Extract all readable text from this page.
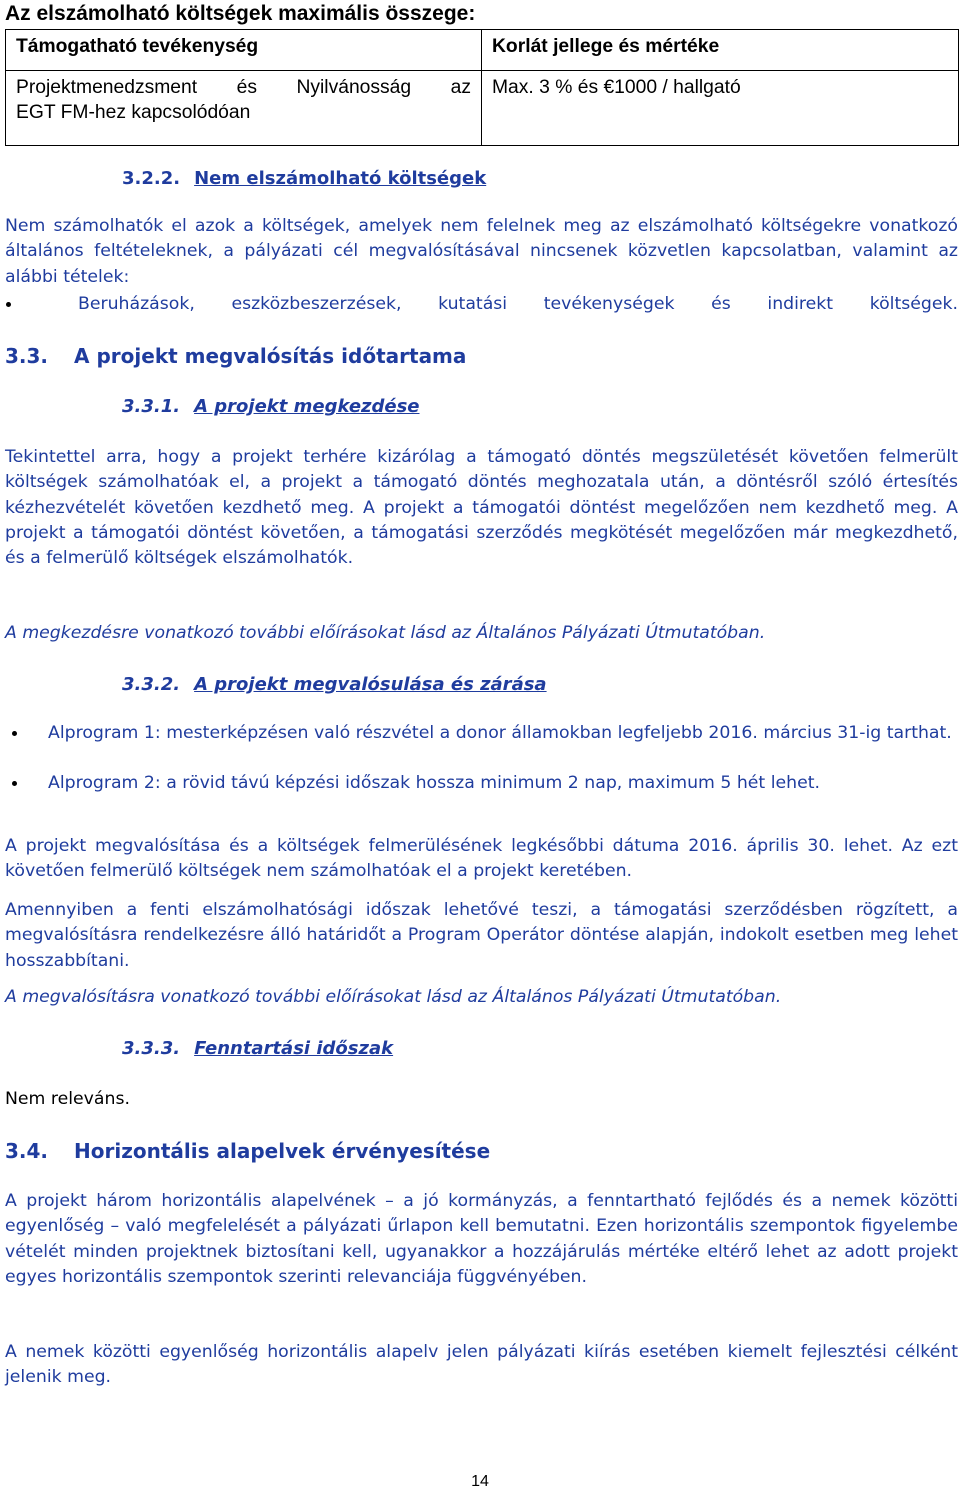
Az elszámolható költségek maximális összege:
Támogatható tevékenység	Korlát jellege és mértéke

Projektmenedzsment és Nyilvánosság az
EGT FM-hez kapcsolódóan	Max. 3 % és €1000 / hallgató
3.2.2. Nem elszámolható költségek
Nem számolhatók el azok a költségek, amelyek nem felelnek meg az elszámolható költségekre vonatkozó általános feltételeknek, a pályázati cél megvalósításával nincsenek közvetlen kapcsolatban, valamint az alábbi tételek:
Beruházások, eszközbeszerzések, kutatási tevékenységek és indirekt költségek.
3.3. A projekt megvalósítás időtartama
3.3.1. A projekt megkezdése
Tekintettel arra, hogy a projekt terhére kizárólag a támogató döntés megszületését követően felmerült költségek számolhatóak el, a projekt a támogató döntés meghozatala után, a döntésről szóló értesítés kézhezvételét követően kezdhető meg. A projekt a támogatói döntést megelőzően nem kezdhető meg. A projekt a támogatói döntést követően, a támogatási szerződés megkötését megelőzően már megkezdhető, és a felmerülő költségek elszámolhatók.
A megkezdésre vonatkozó további előírásokat lásd az Általános Pályázati Útmutatóban.
3.3.2. A projekt megvalósulása és zárása
Alprogram 1: mesterképzésen való részvétel a donor államokban legfeljebb 2016. március 31-ig tarthat.
Alprogram 2: a rövid távú képzési időszak hossza minimum 2 nap, maximum 5 hét lehet.
A projekt megvalósítása és a költségek felmerülésének legkésőbbi dátuma 2016. április 30. lehet. Az ezt követően felmerülő költségek nem számolhatóak el a projekt keretében.
Amennyiben a fenti elszámolhatósági időszak lehetővé teszi, a támogatási szerződésben rögzített, a megvalósításra rendelkezésre álló határidőt a Program Operátor döntése alapján, indokolt esetben meg lehet hosszabbítani.
A megvalósításra vonatkozó további előírásokat lásd az Általános Pályázati Útmutatóban.
3.3.3. Fenntartási időszak
Nem releváns.
3.4. Horizontális alapelvek érvényesítése
A projekt három horizontális alapelvének – a jó kormányzás, a fenntartható fejlődés és a nemek közötti egyenlőség – való megfelelését a pályázati űrlapon kell bemutatni. Ezen horizontális szempontok figyelembe vételét minden projektnek biztosítani kell, ugyanakkor a hozzájárulás mértéke eltérő lehet az adott projekt egyes horizontális szempontok szerinti relevanciája függvényében.
A nemek közötti egyenlőség horizontális alapelv jelen pályázati kiírás esetében kiemelt fejlesztési célként jelenik meg.
14
